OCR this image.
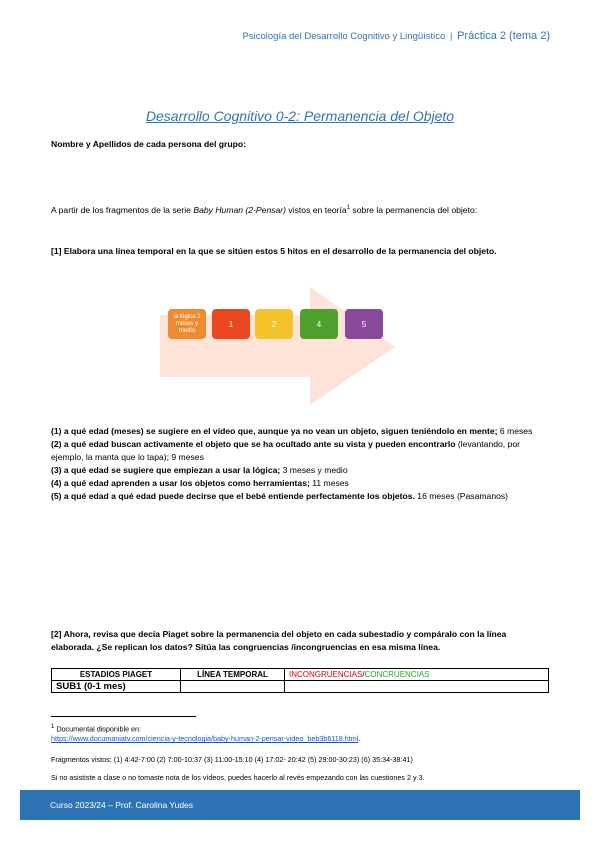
Psicología del Desarrollo Cognitivo y Lingüístico | Práctica 2 (tema 2)
Desarrollo Cognitivo 0-2: Permanencia del Objeto
Nombre y Apellidos de cada persona del grupo:
A partir de los fragmentos de la serie Baby Human (2-Pensar) vistos en teoría$^1$ sobre la permanencia del objeto:
[1] Elabora una línea temporal en la que se sitúen estos 5 hitos en el desarrollo de la permanencia del objeto.
la lógica 3 meses y medio
1	2	4	5
(1) a qué edad (meses) se sugiere en el vídeo que, aunque ya no vean un objeto, siguen teniéndolo en mente; 6 meses
(2) a qué edad buscan activamente el objeto que se ha ocultado ante su vista y pueden encontrarlo (levantando, por ejemplo, la manta que lo tapa); 9 meses
(3) a qué edad se sugiere que empiezan a usar la lógica; 3 meses y medio
(4) a qué edad aprenden a usar los objetos como herramientas; 11 meses
(5) a qué edad a qué edad puede decirse que el bebé entiende perfectamente los objetos. 16 meses (Pasamanos)
[2] Ahora, revisa que decía Piaget sobre la permanencia del objeto en cada subestadio y compáralo con la línea elaborada. ¿Se replican los datos? Sitúa las congruencias /incongruencias en esa misma línea.
ESTADIOS PIAGET	LÍNEA TEMPORAL	INCONGRUENCIAS/CONCRUENCIAS
SUB1 (0-1 mes)		
$^1$ Documental disponible en:
https://www.documaniatv.com/ciencia-y-tecnologia/baby-human-2-pensar-video_beb3b6118.html.
Fragmentos vistos: (1) 4:42-7:00 (2) 7:00-10:37 (3) 11:00-15:10 (4) 17:02- 20:42 (5) 29:00-30:23) (6) 35:34-38:41)
Si no asististe a clase o no tomaste nota de los vídeos, puedes hacerlo al revés empezando con las cuestiones 2 y 3.
Curso 2023/24 – Prof. Carolina Yudes
